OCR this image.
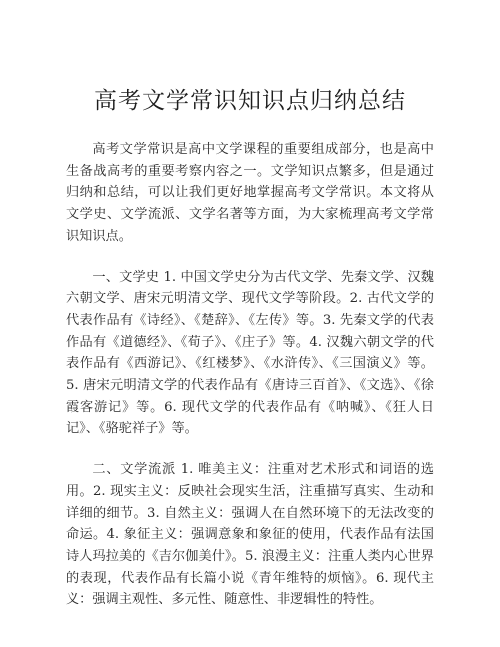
高考文学常识知识点归纳总结

高考文学常识是高中文学课程的重要组成部分，也是高中生备战高考的重要考察内容之一。文学知识点繁多，但是通过归纳和总结，可以让我们更好地掌握高考文学常识。本文将从文学史、文学流派、文学名著等方面，为大家梳理高考文学常识知识点。

一、文学史 1. 中国文学史分为古代文学、先秦文学、汉魏六朝文学、唐宋元明清文学、现代文学等阶段。2. 古代文学的代表作品有《诗经》、《楚辞》、《左传》等。3. 先秦文学的代表作品有《道德经》、《荀子》、《庄子》等。4. 汉魏六朝文学的代表作品有《西游记》、《红楼梦》、《水浒传》、《三国演义》等。5. 唐宋元明清文学的代表作品有《唐诗三百首》、《文选》、《徐霞客游记》等。6. 现代文学的代表作品有《呐喊》、《狂人日记》、《骆驼祥子》等。

二、文学流派 1. 唯美主义：注重对艺术形式和词语的选用。2. 现实主义：反映社会现实生活，注重描写真实、生动和详细的细节。3. 自然主义：强调人在自然环境下的无法改变的命运。4. 象征主义：强调意象和象征的使用，代表作品有法国诗人玛拉美的《吉尔伽美什》。5. 浪漫主义：注重人类内心世界的表现，代表作品有长篇小说《青年维特的烦恼》。6. 现代主义：强调主观性、多元性、随意性、非逻辑性的特性。
